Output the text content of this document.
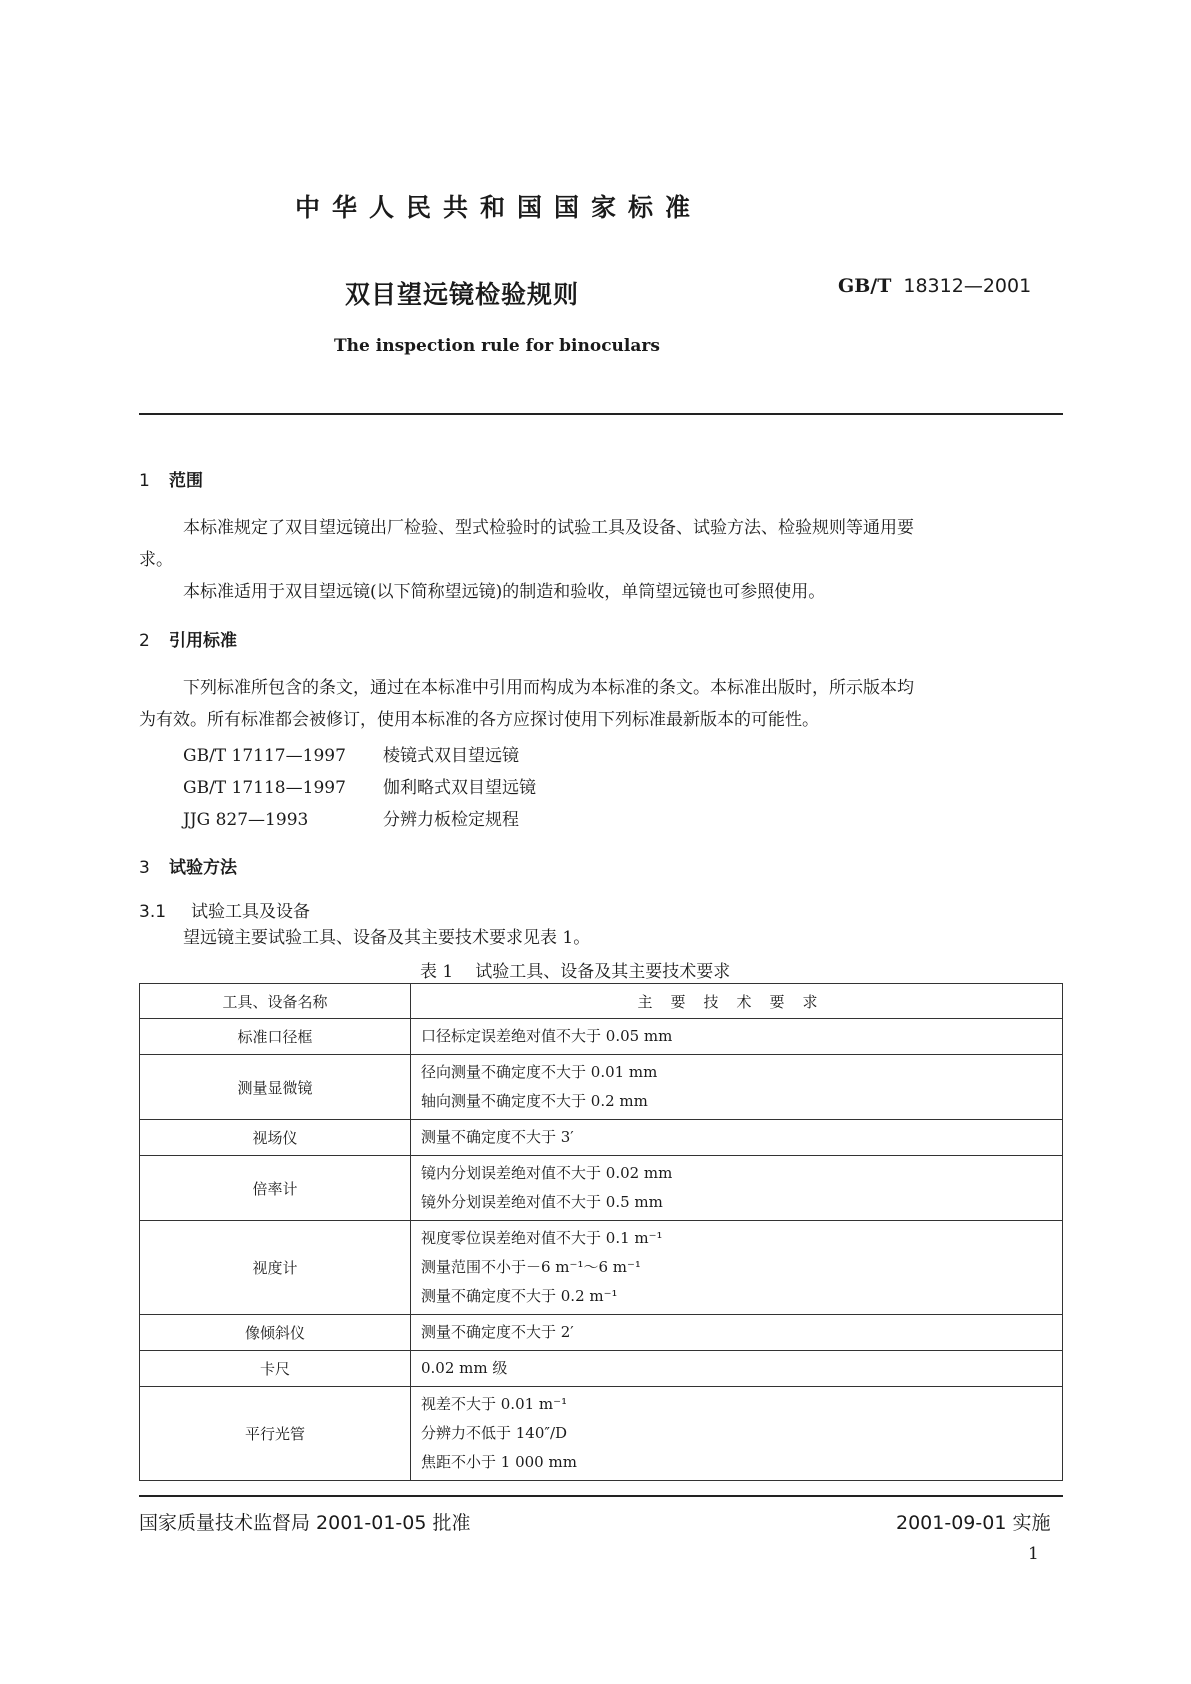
中华人民共和国国家标准
双目望远镜检验规则	GB/T 18312—2001
The inspection rule for binoculars
1 范围
本标准规定了双目望远镜出厂检验、型式检验时的试验工具及设备、试验方法、检验规则等通用要
求。
本标准适用于双目望远镜(以下简称望远镜)的制造和验收，单筒望远镜也可参照使用。
2 引用标准
下列标准所包含的条文，通过在本标准中引用而构成为本标准的条文。本标准出版时，所示版本均
为有效。所有标准都会被修订，使用本标准的各方应探讨使用下列标准最新版本的可能性。
GB/T 17117—1997 棱镜式双目望远镜
GB/T 17118—1997 伽利略式双目望远镜
JJG 827—1993	分辨力板检定规程
3 试验方法
3.1 试验工具及设备
望远镜主要试验工具、设备及其主要技术要求见表 1。
表 1 试验工具、设备及其主要技术要求
工具、设备名称	主要技术要求
标准口径框	口径标定误差绝对值不大于 0.05 mm

测量显微镜	径向测量不确定度不大于 0.01 mm
轴向测量不确定度不大于 0.2 mm

视场仪	测量不确定度不大于 3′

倍率计	镜内分划误差绝对值不大于 0.02 mm
镜外分划误差绝对值不大于 0.5 mm

视度计	视度零位误差绝对值不大于 0.1 m⁻¹
测量范围不小于－6 m⁻¹～6 m⁻¹
测量不确定度不大于 0.2 m⁻¹

像倾斜仪	测量不确定度不大于 2′

卡尺	0.02 mm 级

平行光管	视差不大于 0.01 m⁻¹
分辨力不低于 140″/D
焦距不小于 1 000 mm
国家质量技术监督局 2001-01-05 批准	2001-09-01 实施
1
